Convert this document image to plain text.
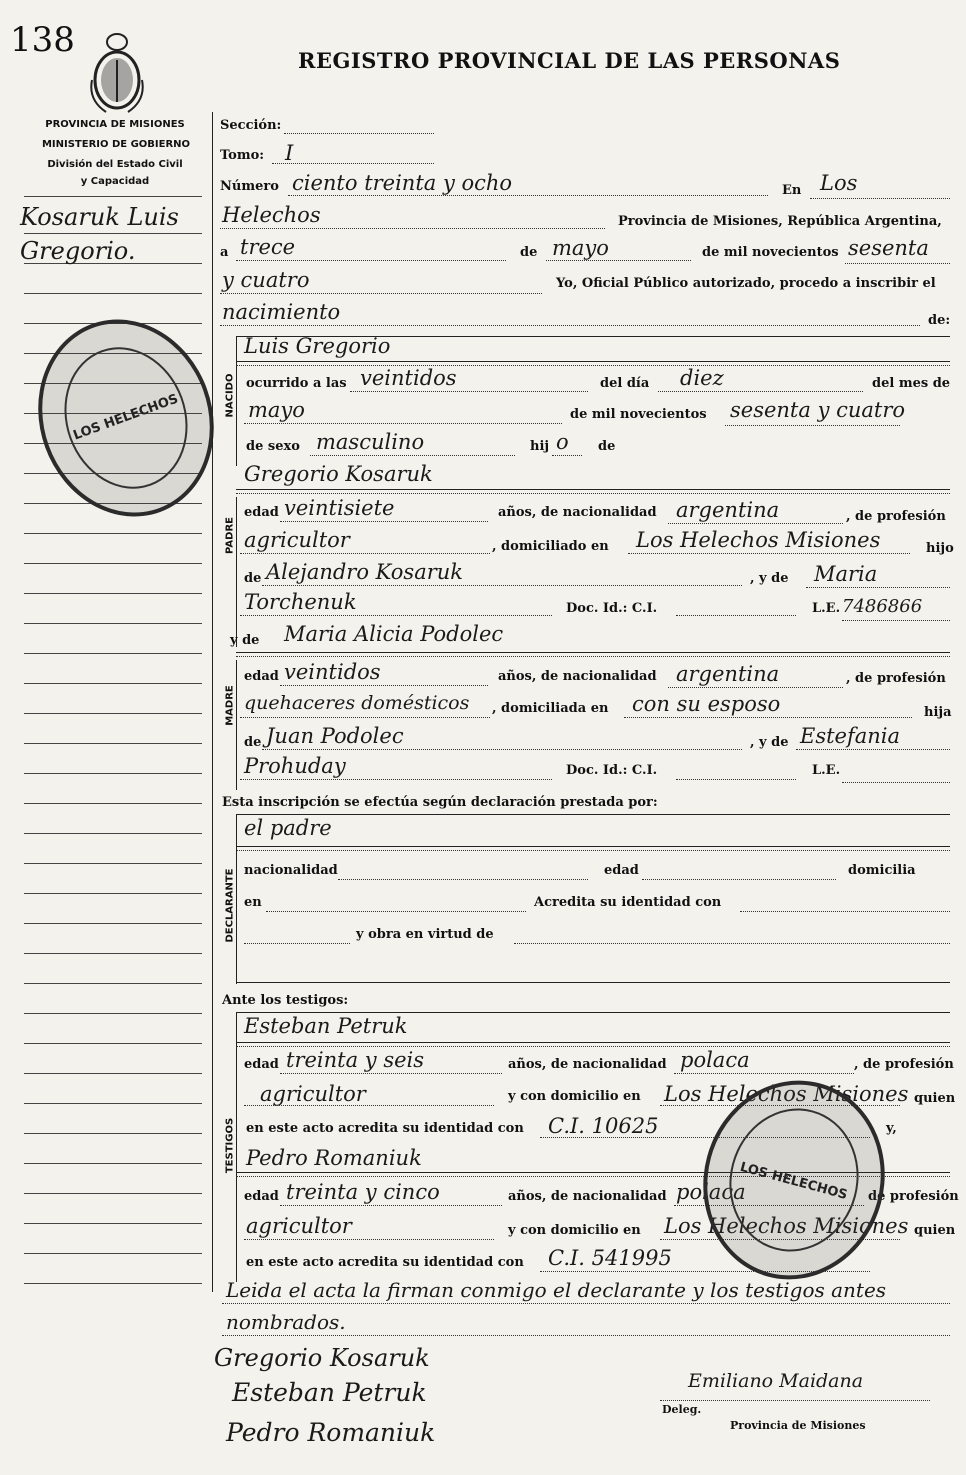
138
REGISTRO PROVINCIAL DE LAS PERSONAS
PROVINCIA DE MISIONES
MINISTERIO DE GOBIERNO
División del Estado Civil
y Capacidad
Kosaruk Luis
Gregorio.
LOS HELECHOS
Sección:
Tomo: I
Número ciento treinta y ocho	En Los
Helechos	Provincia de Misiones, República Argentina,
a trece	de mayo	de mil novecientos sesenta
y cuatro	Yo, Oficial Público autorizado, procedo a inscribir el
nacimiento	de:
NACIDO
Luis Gregorio
ocurrido a las veintidos	del día diez	del mes de
mayo	de mil novecientos sesenta y cuatro
de sexo masculino	hij o de
Gregorio Kosaruk
PADRE
edad veintisiete	años, de nacionalidad argentina	, de profesión
agricultor	, domiciliado en Los Helechos Misiones	hijo
de Alejandro Kosaruk	, y de Maria
Torchenuk	Doc. Id.: C.I.	L.E. 7486866
y de Maria Alicia Podolec
MADRE
edad veintidos	años, de nacionalidad argentina	, de profesión
quehaceres domésticos , domiciliada en con su esposo	hija
de Juan Podolec	, y de Estefania
Prohuday	Doc. Id.: C.I.	L.E.
Esta inscripción se efectúa según declaración prestada por:
el padre
DECLARANTE nacionalidad	edad	domicilia
en	Acredita su identidad con
y obra en virtud de
Ante los testigos:
TESTIGOS
Esteban Petruk
edad treinta y seis	años, de nacionalidad polaca	, de profesión
agricultor	y con domicilio en Los Helechos Misiones quien
en este acto acredita su identidad con C.I. 10625	y,
Pedro Romaniuk
edad treinta y cinco	años, de nacionalidad polaca	de profesión
agricultor	y con domicilio en Los Helechos Misiones quien
en este acto acredita su identidad con C.I. 541995
LOS HELECHOS
Leida el acta la firman conmigo el declarante y los testigos antes
nombrados.
Gregorio Kosaruk
Esteban Petruk
Pedro Romaniuk
Emiliano Maidana
Deleg.
Provincia de Misiones
